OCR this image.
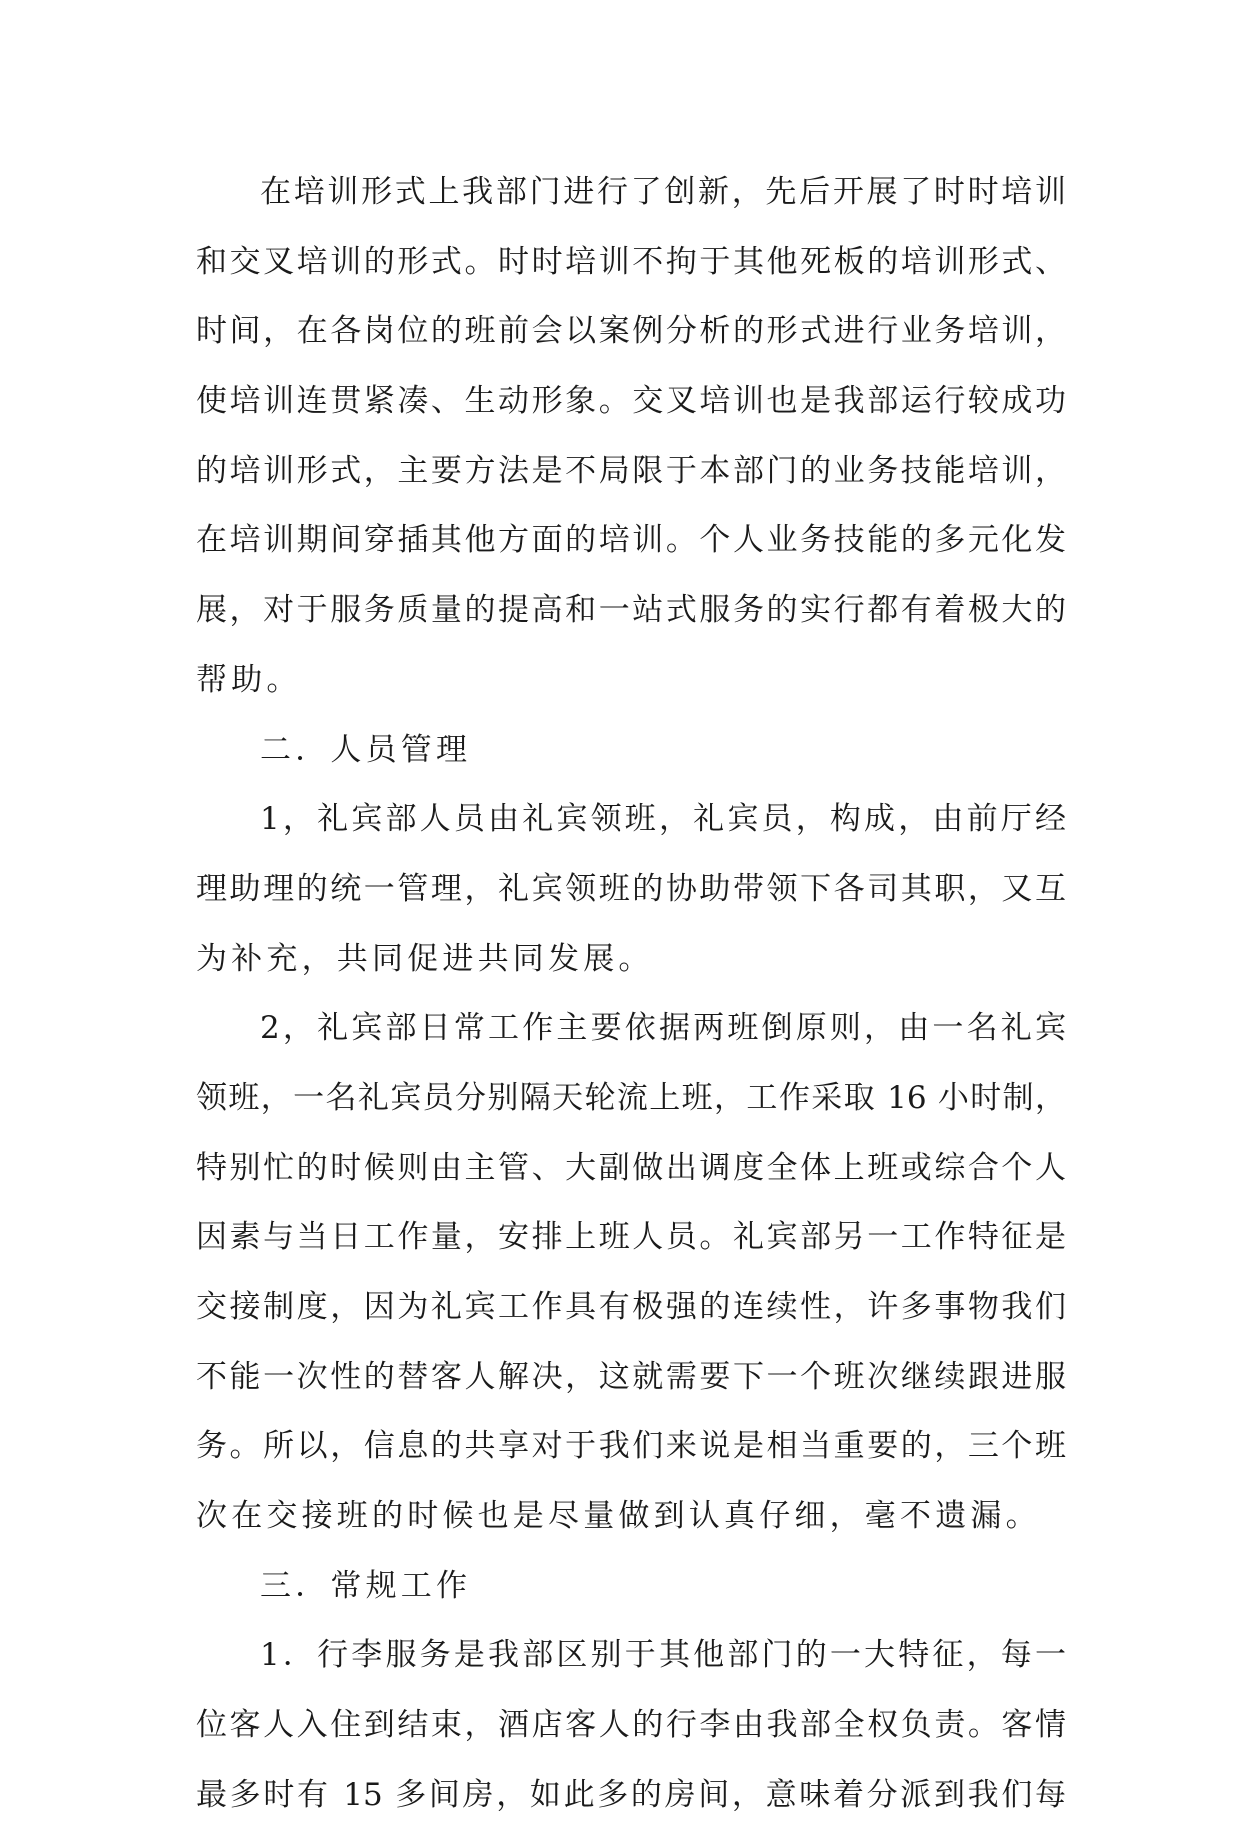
在培训形式上我部门进行了创新，先后开展了时时培训
和交叉培训的形式。时时培训不拘于其他死板的培训形式、
时间，在各岗位的班前会以案例分析的形式进行业务培训，
使培训连贯紧凑、生动形象。交叉培训也是我部运行较成功
的培训形式，主要方法是不局限于本部门的业务技能培训，
在培训期间穿插其他方面的培训。个人业务技能的多元化发
展，对于服务质量的提高和一站式服务的实行都有着极大的
帮助。
二．人员管理
1，礼宾部人员由礼宾领班，礼宾员，构成，由前厅经
理助理的统一管理，礼宾领班的协助带领下各司其职，又互
为补充，共同促进共同发展。
2，礼宾部日常工作主要依据两班倒原则，由一名礼宾
领班，一名礼宾员分别隔天轮流上班，工作采取 16 小时制，
特别忙的时候则由主管、大副做出调度全体上班或综合个人
因素与当日工作量，安排上班人员。礼宾部另一工作特征是
交接制度，因为礼宾工作具有极强的连续性，许多事物我们
不能一次性的替客人解决，这就需要下一个班次继续跟进服
务。所以，信息的共享对于我们来说是相当重要的，三个班
次在交接班的时候也是尽量做到认真仔细，毫不遗漏。
三．常规工作
1．行李服务是我部区别于其他部门的一大特征，每一
位客人入住到结束，酒店客人的行李由我部全权负责。客情
最多时有 15 多间房，如此多的房间，意味着分派到我们每
